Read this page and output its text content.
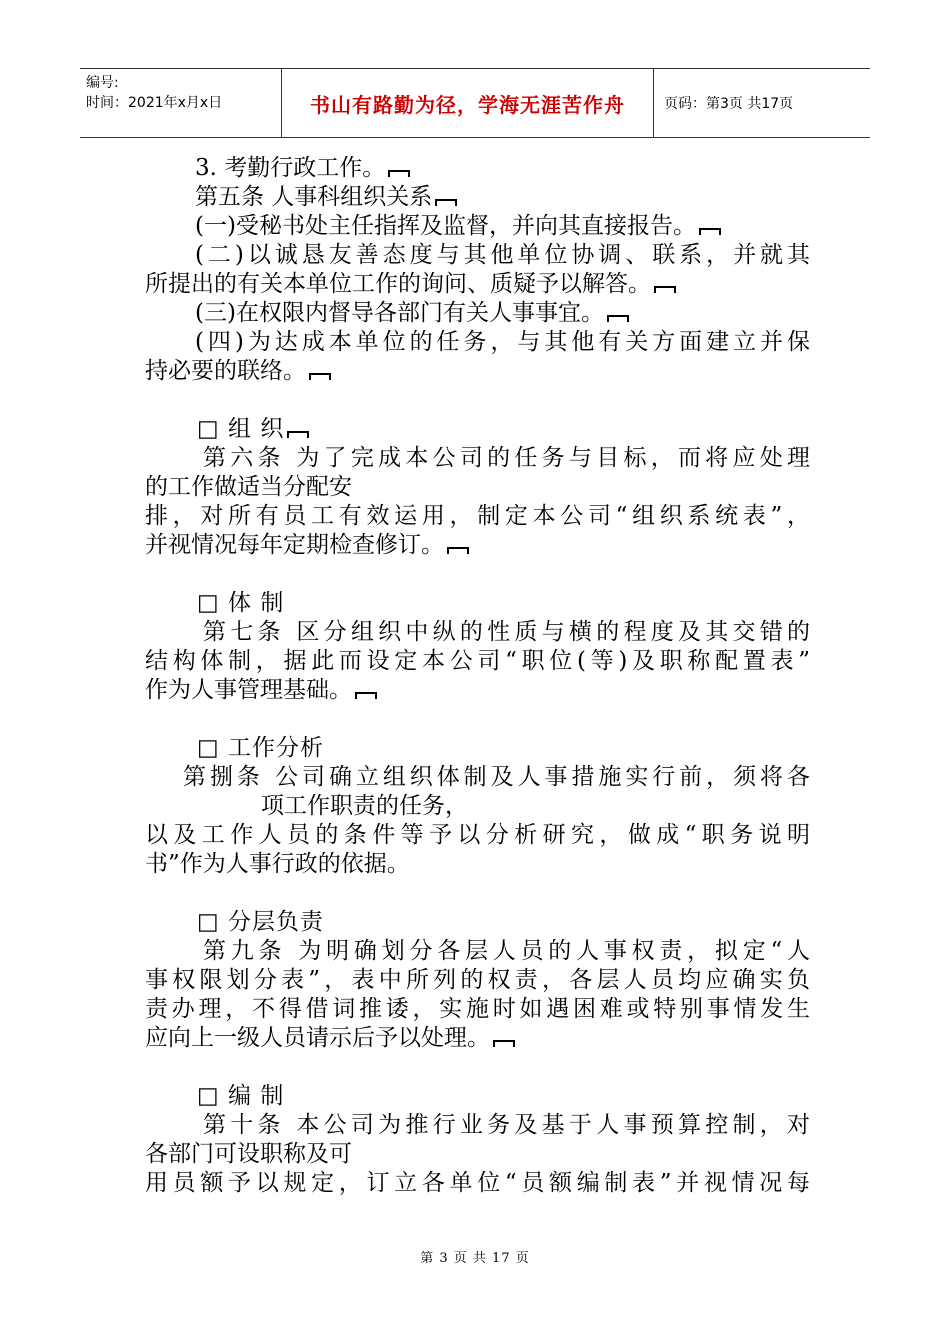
编号:
时间：2021年x月x日	书山有路勤为径，学海无涯苦作舟	页码：第3页 共17页

3. 考勤行政工作。

第五条 人事科组织关系

(一)受秘书处主任指挥及监督，并向其直接报告。

(二)以诚恳友善态度与其他单位协调、联系，并就其

所提出的有关本单位工作的询问、质疑予以解答。

(三)在权限内督导各部门有关人事事宜。

(四)为达成本单位的任务，与其他有关方面建立并保

持必要的联络。

□ 组 织

第六条 为了完成本公司的任务与目标，而将应处理

的工作做适当分配安

排，对所有员工有效运用，制定本公司“组织系统表”，

并视情况每年定期检查修订。

□ 体 制

第七条 区分组织中纵的性质与横的程度及其交错的

结构体制，据此而设定本公司“职位(等)及职称配置表”

作为人事管理基础。

□ 工作分析

第捌条 公司确立组织体制及人事措施实行前，须将各

项工作职责的任务，

以及工作人员的条件等予以分析研究，做成“职务说明

书”作为人事行政的依据。

□ 分层负责

第九条 为明确划分各层人员的人事权责，拟定“人

事权限划分表”，表中所列的权责，各层人员均应确实负

责办理，不得借词推诿，实施时如遇困难或特别事情发生

应向上一级人员请示后予以处理。

□ 编 制

第十条 本公司为推行业务及基于人事预算控制，对

各部门可设职称及可

用员额予以规定，订立各单位“员额编制表”并视情况每

第 3 页 共 17 页
